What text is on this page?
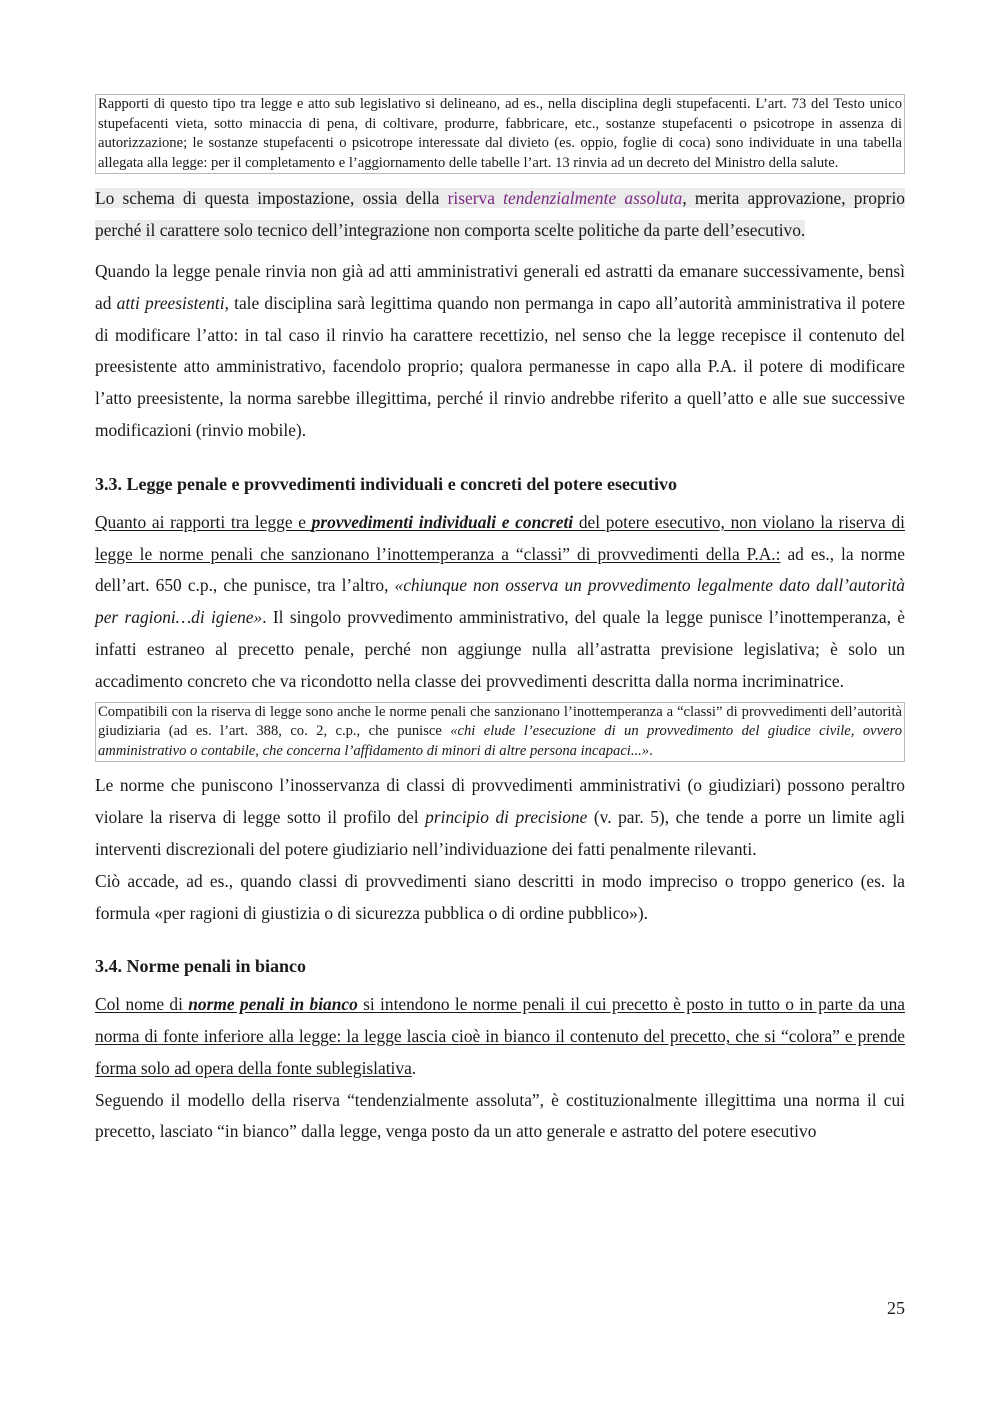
Rapporti di questo tipo tra legge e atto sub legislativo si delineano, ad es., nella disciplina degli stupefacenti. L’art. 73 del Testo unico stupefacenti vieta, sotto minaccia di pena, di coltivare, produrre, fabbricare, etc., sostanze stupefacenti o psicotrope in assenza di autorizzazione; le sostanze stupefacenti o psicotrope interessate dal divieto (es. oppio, foglie di coca) sono individuate in una tabella allegata alla legge: per il completamento e l’aggiornamento delle tabelle l’art. 13 rinvia ad un decreto del Ministro della salute.

Lo schema di questa impostazione, ossia della riserva tendenzialmente assoluta, merita approvazione, proprio perché il carattere solo tecnico dell’integrazione non comporta scelte politiche da parte dell’esecutivo.

Quando la legge penale rinvia non già ad atti amministrativi generali ed astratti da emanare successivamente, bensì ad atti preesistenti, tale disciplina sarà legittima quando non permanga in capo all’autorità amministrativa il potere di modificare l’atto: in tal caso il rinvio ha carattere recettizio, nel senso che la legge recepisce il contenuto del preesistente atto amministrativo, facendolo proprio; qualora permanesse in capo alla P.A. il potere di modificare l’atto preesistente, la norma sarebbe illegittima, perché il rinvio andrebbe riferito a quell’atto e alle sue successive modificazioni (rinvio mobile).

3.3. Legge penale e provvedimenti individuali e concreti del potere esecutivo

Quanto ai rapporti tra legge e provvedimenti individuali e concreti del potere esecutivo, non violano la riserva di legge le norme penali che sanzionano l’inottemperanza a “classi” di provvedimenti della P.A.: ad es., la norme dell’art. 650 c.p., che punisce, tra l’altro, «chiunque non osserva un provvedimento legalmente dato dall’autorità per ragioni…di igiene». Il singolo provvedimento amministrativo, del quale la legge punisce l’inottemperanza, è infatti estraneo al precetto penale, perché non aggiunge nulla all’astratta previsione legislativa; è solo un accadimento concreto che va ricondotto nella classe dei provvedimenti descritta dalla norma incriminatrice.

Compatibili con la riserva di legge sono anche le norme penali che sanzionano l’inottemperanza a “classi” di provvedimenti dell’autorità giudiziaria (ad es. l’art. 388, co. 2, c.p., che punisce «chi elude l’esecuzione di un provvedimento del giudice civile, ovvero amministrativo o contabile, che concerna l’affidamento di minori di altre persona incapaci...».

Le norme che puniscono l’inosservanza di classi di provvedimenti amministrativi (o giudiziari) possono peraltro violare la riserva di legge sotto il profilo del principio di precisione (v. par. 5), che tende a porre un limite agli interventi discrezionali del potere giudiziario nell’individuazione dei fatti penalmente rilevanti.

Ciò accade, ad es., quando classi di provvedimenti siano descritti in modo impreciso o troppo generico (es. la formula «per ragioni di giustizia o di sicurezza pubblica o di ordine pubblico»).

3.4. Norme penali in bianco

Col nome di norme penali in bianco si intendono le norme penali il cui precetto è posto in tutto o in parte da una norma di fonte inferiore alla legge: la legge lascia cioè in bianco il contenuto del precetto, che si “colora” e prende forma solo ad opera della fonte sublegislativa.

Seguendo il modello della riserva “tendenzialmente assoluta”, è costituzionalmente illegittima una norma il cui precetto, lasciato “in bianco” dalla legge, venga posto da un atto generale e astratto del potere esecutivo

25
